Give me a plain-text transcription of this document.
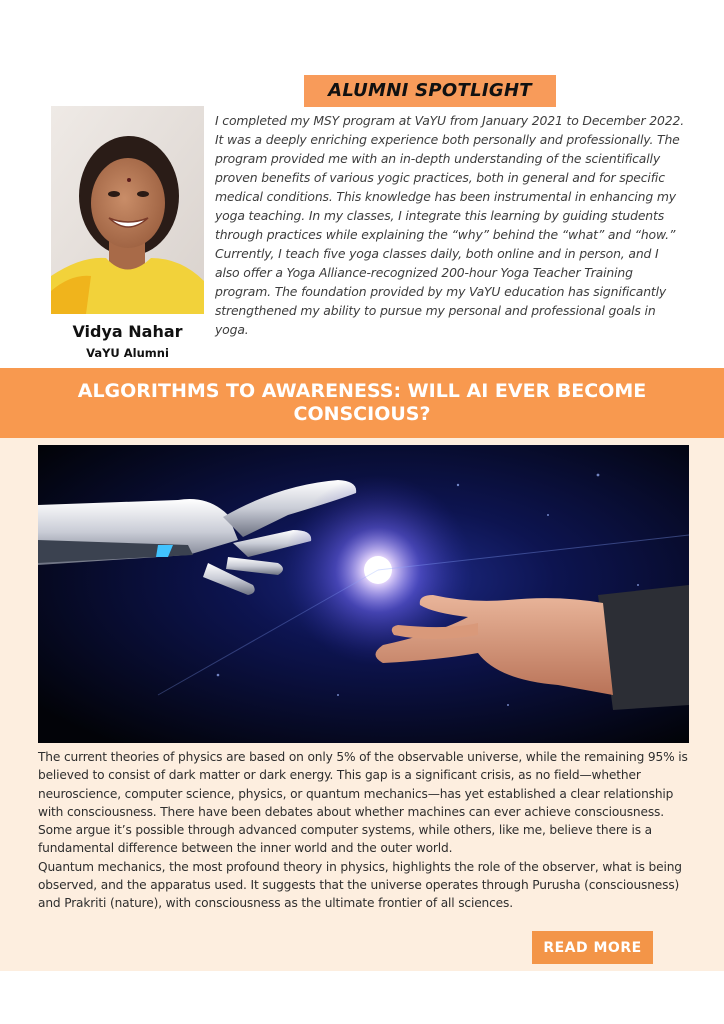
ALUMNI SPOTLIGHT
Vidya Nahar
VaYU Alumni
I completed my MSY program at VaYU from January 2021 to December 2022. It was a deeply enriching experience both personally and professionally. The program provided me with an in-depth understanding of the scientifically proven benefits of various yogic practices, both in general and for specific medical conditions. This knowledge has been instrumental in enhancing my yoga teaching. In my classes, I integrate this learning by guiding students through practices while explaining the “why” behind the “what” and “how.” Currently, I teach five yoga classes daily, both online and in person, and I also offer a Yoga Alliance-recognized 200-hour Yoga Teacher Training program. The foundation provided by my VaYU education has significantly strengthened my ability to pursue my personal and professional goals in yoga.
ALGORITHMS TO AWARENESS: WILL AI EVER BECOME CONSCIOUS?

The current theories of physics are based on only 5% of the observable universe, while the remaining 95% is believed to consist of dark matter or dark energy. This gap is a significant crisis, as no field—whether neuroscience, computer science, physics, or quantum mechanics—has yet established a clear relationship with consciousness. There have been debates about whether machines can ever achieve consciousness. Some argue it’s possible through advanced computer systems, while others, like me, believe there is a fundamental difference between the inner world and the outer world.

Quantum mechanics, the most profound theory in physics, highlights the role of the observer, what is being observed, and the apparatus used. It suggests that the universe operates through Purusha (consciousness) and Prakriti (nature), with consciousness as the ultimate frontier of all sciences.

READ MORE
